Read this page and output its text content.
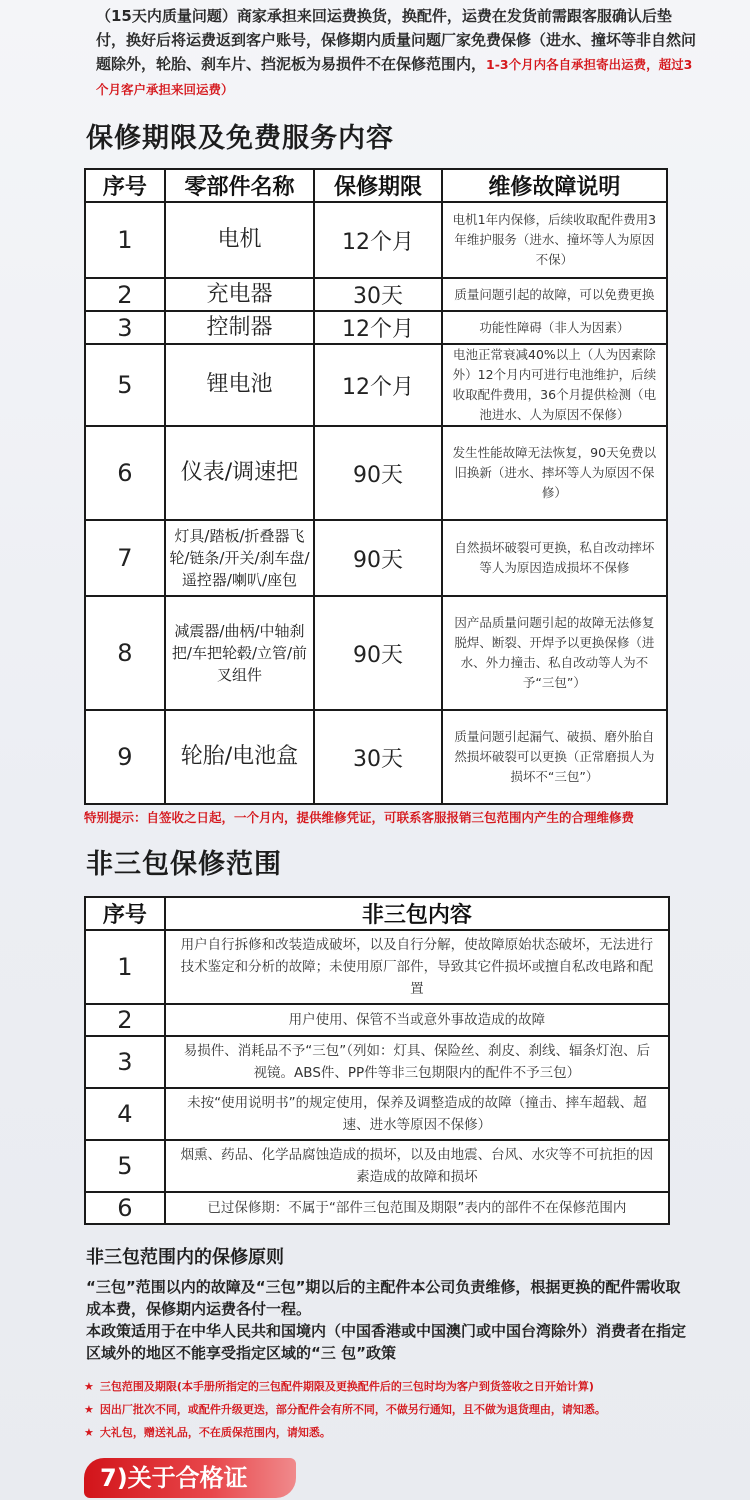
（15天内质量问题）商家承担来回运费换货，换配件，运费在发货前需跟客服确认后垫付，换好后将运费返到客户账号，保修期内质量问题厂家免费保修（进水、撞坏等非自然问题除外，轮胎、刹车片、挡泥板为易损件不在保修范围内，1-3个月内各自承担寄出运费，超过3个月客户承担来回运费）
保修期限及免费服务内容
序号	零部件名称	保修期限	维修故障说明
1	电机	12个月	电机1年内保修，后续收取配件费用3年维护服务（进水、撞坏等人为原因不保）
2	充电器	30天	质量问题引起的故障，可以免费更换
3	控制器	12个月	功能性障碍（非人为因素）
5	锂电池	12个月	电池正常衰减40%以上（人为因素除外）12个月内可进行电池维护，后续收取配件费用，36个月提供检测（电池进水、人为原因不保修）
6	仪表/调速把	90天	发生性能故障无法恢复，90天免费以旧换新（进水、摔坏等人为原因不保修）
7	灯具/踏板/折叠器飞轮/链条/开关/刹车盘/遥控器/喇叭/座包	90天	自然损坏破裂可更换，私自改动摔坏等人为原因造成损坏不保修
8	减震器/曲柄/中轴刹把/车把轮毂/立管/前叉组件	90天	因产品质量问题引起的故障无法修复脱焊、断裂、开焊予以更换保修（进水、外力撞击、私自改动等人为不予“三包”）
9	轮胎/电池盒	30天	质量问题引起漏气、破损、磨外胎自然损坏破裂可以更换（正常磨损人为损坏不“三包”）
特别提示：自签收之日起，一个月内，提供维修凭证，可联系客服报销三包范围内产生的合理维修费
非三包保修范围
序号	非三包内容
1	用户自行拆修和改装造成破坏，以及自行分解，使故障原始状态破坏，无法进行技术鉴定和分析的故障；未使用原厂部件，导致其它件损坏或擅自私改电路和配置
2	用户使用、保管不当或意外事故造成的故障
3	易损件、消耗品不予“三包”（列如：灯具、保险丝、刹皮、刹线、辐条灯泡、后视镜。ABS件、PP件等非三包期限内的配件不予三包）
4	未按“使用说明书”的规定使用，保养及调整造成的故障（撞击、摔车超载、超速、进水等原因不保修）
5	烟熏、药品、化学品腐蚀造成的损坏，以及由地震、台风、水灾等不可抗拒的因素造成的故障和损坏
6	已过保修期：不属于“部件三包范围及期限”表内的部件不在保修范围内
非三包范围内的保修原则
“三包”范围以内的故障及“三包”期以后的主配件本公司负责维修，根据更换的配件需收取成本费，保修期内运费各付一程。
本政策适用于在中华人民共和国境内（中国香港或中国澳门或中国台湾除外）消费者在指定区域外的地区不能享受指定区域的“三 包”政策
★ 三包范围及期限(本手册所指定的三包配件期限及更换配件后的三包时均为客户到货签收之日开始计算)
★ 因出厂批次不同，或配件升级更迭，部分配件会有所不同，不做另行通知，且不做为退货理由，请知悉。
★ 大礼包，赠送礼品，不在质保范围内，请知悉。
7)关于合格证
